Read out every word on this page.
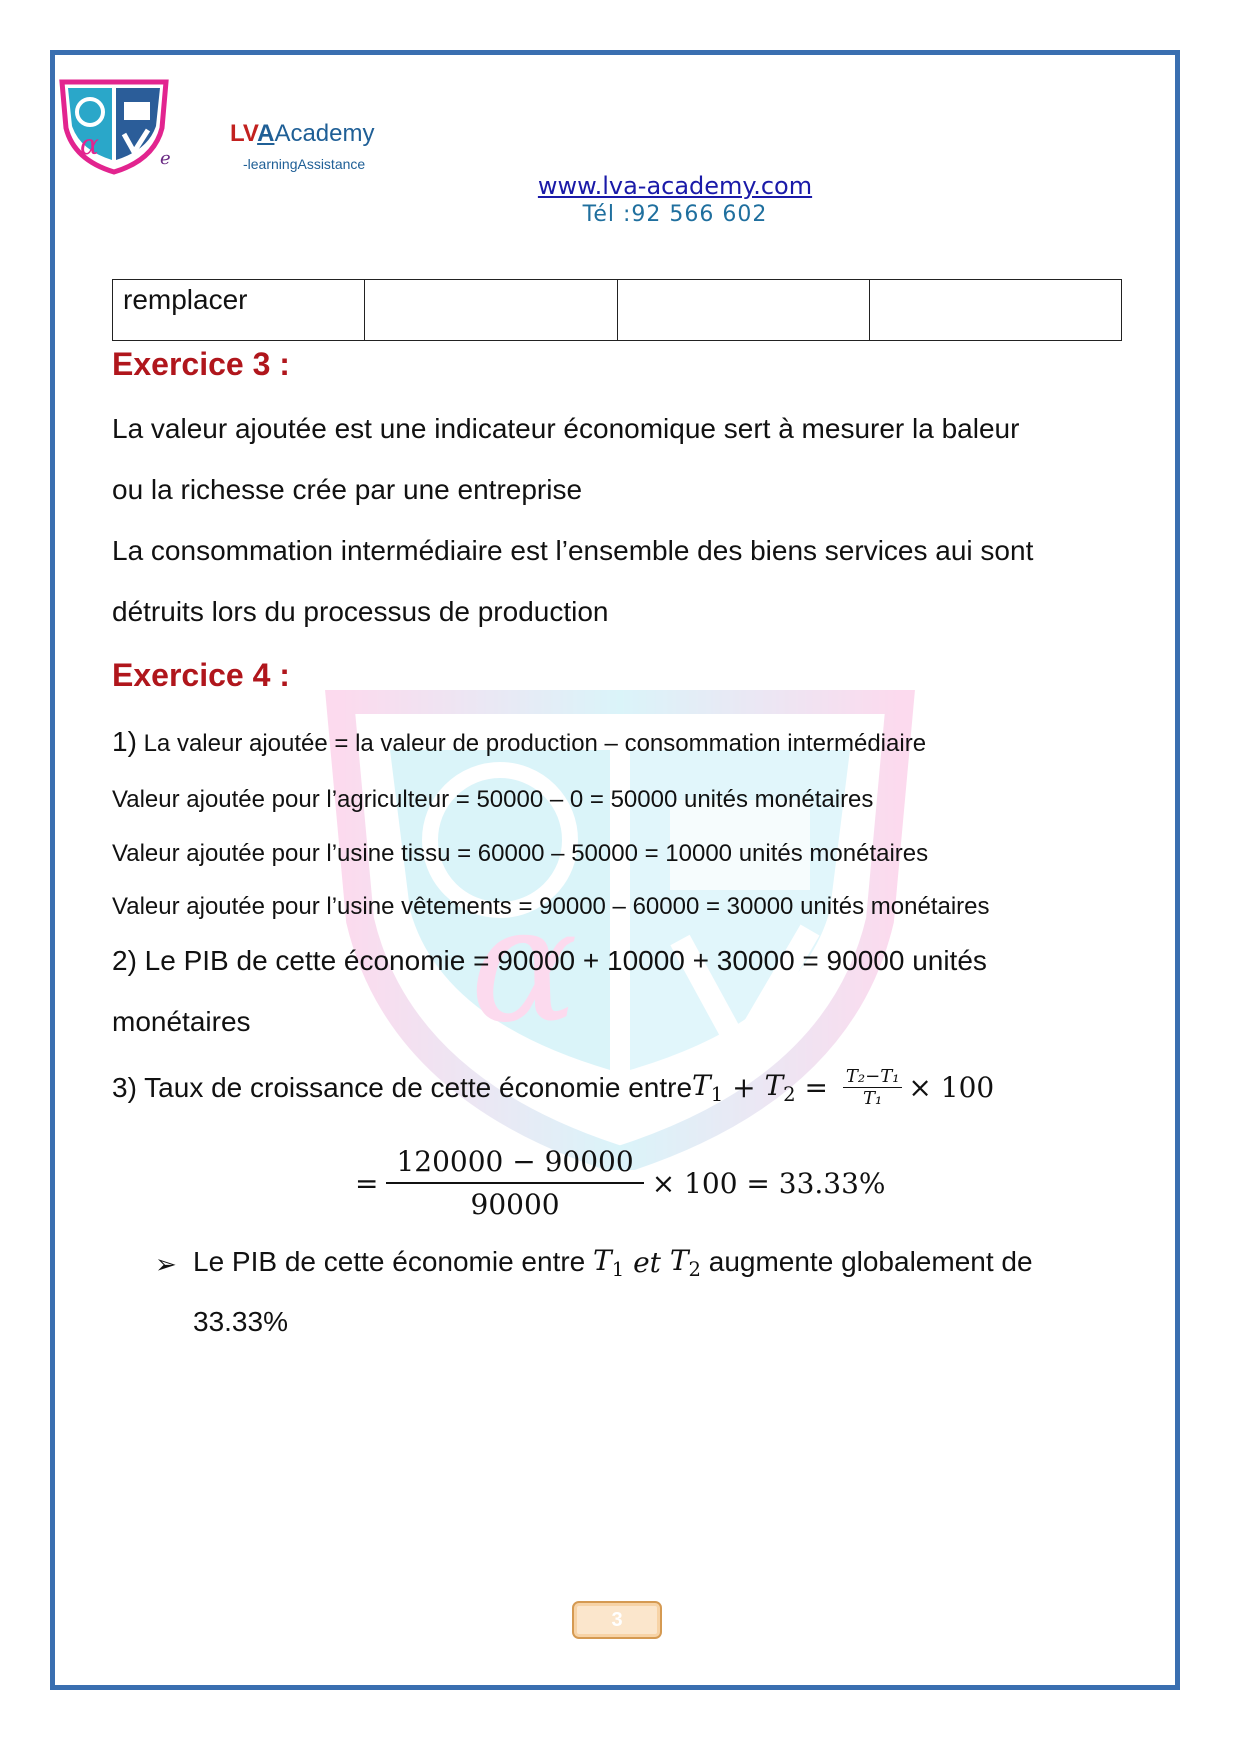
α
α	e
LVAAcademy
-learningAssistance
www.lva-academy.com
Tél :92 566 602
remplacer			
Exercice 3 :
La valeur ajoutée est une indicateur économique sert à mesurer la baleur
ou la richesse crée par une entreprise
La consommation intermédiaire est l’ensemble des biens services aui sont
détruits lors du processus de production
Exercice 4 :
1) La valeur ajoutée = la valeur de production – consommation intermédiaire
Valeur ajoutée pour l’agriculteur = 50000 – 0 = 50000 unités monétaires
Valeur ajoutée pour l’usine tissu = 60000 – 50000 = 10000 unités monétaires
Valeur ajoutée pour l’usine vêtements = 90000 – 60000 = 30000 unités monétaires
2) Le PIB de cette économie = 90000 + 10000 + 30000 = 90000 unités
monétaires
3) Taux de croissance de cette économie entre $T_1 + T_2 = \frac{\text{T₂−T₁}}{\text{T₁}} \times 100$
= $\frac{120000 - 90000}{90000} \times 100 = 33.33\%$
➢ Le PIB de cette économie entre $T_1$ et $T_2$ augmente globalement de
33.33%
3
